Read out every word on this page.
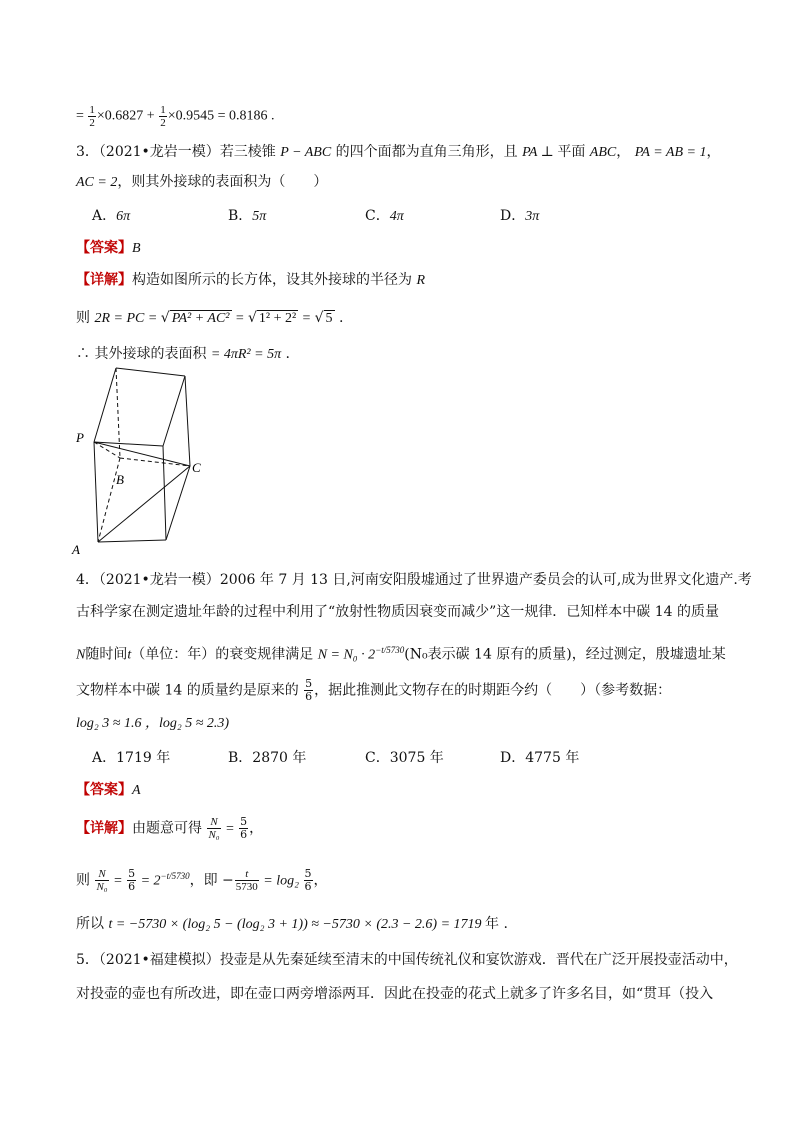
= $\frac{1}{2} \times 0.6827 + \frac{1}{2} \times 0.9545 = 0.8186$ .
3．（2021•龙岩一模）若三棱锥 P − ABC 的四个面都为直角三角形，且 PA ⊥ 平面 ABC， PA = AB = 1，
AC = 2，则其外接球的表面积为（　　）
A．6π	B．5π	C．4π	D．3π
【答案】B
【详解】构造如图所示的长方体，设其外接球的半径为 R
则 2R = PC = √ PA² + AC² = √ 1² + 2² = √ 5 .
∴ 其外接球的表面积 = 4πR² = 5π .
P
B
C
A
4．（2021•龙岩一模）2006 年 7 月 13 日,河南安阳殷墟通过了世界遗产委员会的认可,成为世界文化遗产.考
古科学家在测定遗址年龄的过程中利用了“放射性物质因衰变而减少”这一规律．已知样本中碳 14 的质量
N随时间t（单位：年）的衰变规律满足 $N = N_0 \cdot 2^{-t/5730}(N_0$表示碳 14 原有的质量)，经过测定，殷墟遗址某
文物样本中碳 14 的质量约是原来的 $\frac{5}{6}$ ，据此推测此文物存在的时期距今约（　　）（参考数据：
log₂ 3 ≈ 1.6 ，log₂ 5 ≈ 2.3)
A．1719 年	B．2870 年	C．3075 年	D．4775 年
【答案】A
【详解】由题意可得 $\frac{N}{\text{N₀}} = \frac{5}{6}$ ，
则 $\frac{N}{\text{N₀}} = \frac{5}{6} = 2^{-t/5730}$，即 − $\frac{t}{5730} = \log_2 \frac{5}{6}$ ，
所以 t = −5730 × (log₂ 5 − (log₂ 3 + 1)) ≈ −5730 × (2.3 − 2.6) = 1719 年 .
5．（2021•福建模拟）投壶是从先秦延续至清末的中国传统礼仪和宴饮游戏．晋代在广泛开展投壶活动中，
对投壶的壶也有所改进，即在壶口两旁增添两耳．因此在投壶的花式上就多了许多名目，如“贯耳（投入
